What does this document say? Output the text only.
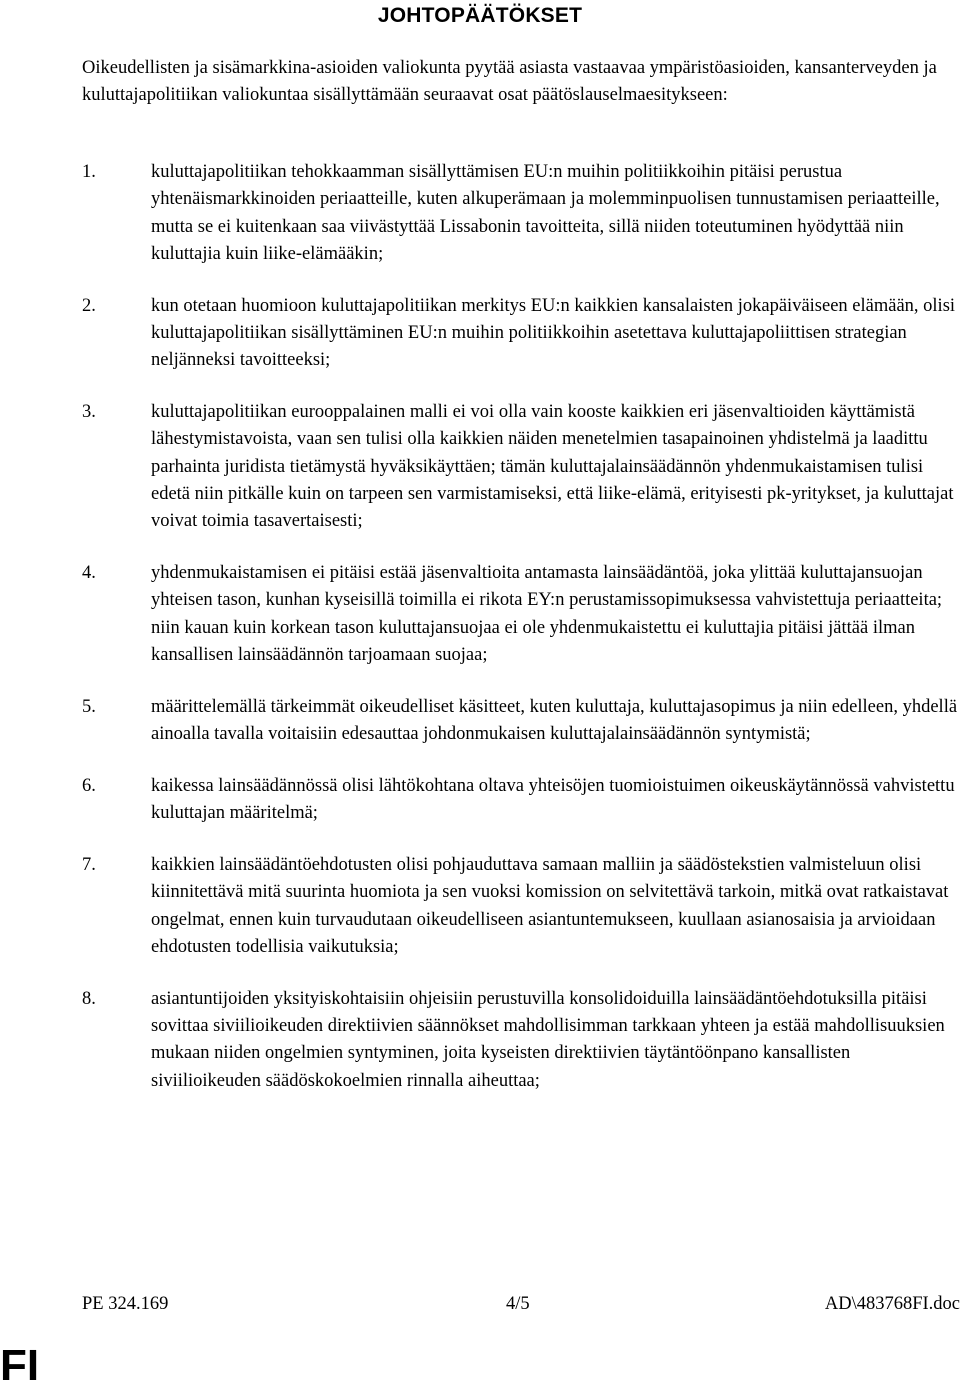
JOHTOPÄÄTÖKSET
Oikeudellisten ja sisämarkkina-asioiden valiokunta pyytää asiasta vastaavaa ympäristöasioiden, kansanterveyden ja kuluttajapolitiikan valiokuntaa sisällyttämään seuraavat osat päätöslauselmaesitykseen:
1.	kuluttajapolitiikan tehokkaamman sisällyttämisen EU:n muihin politiikkoihin pitäisi perustua yhtenäismarkkinoiden periaatteille, kuten alkuperämaan ja molemminpuolisen tunnustamisen periaatteille, mutta se ei kuitenkaan saa viivästyttää Lissabonin tavoitteita, sillä niiden toteutuminen hyödyttää niin kuluttajia kuin liike-elämääkin;
2.	kun otetaan huomioon kuluttajapolitiikan merkitys EU:n kaikkien kansalaisten jokapäiväiseen elämään, olisi kuluttajapolitiikan sisällyttäminen EU:n muihin politiikkoihin asetettava kuluttajapoliittisen strategian neljänneksi tavoitteeksi;
3.	kuluttajapolitiikan eurooppalainen malli ei voi olla vain kooste kaikkien eri jäsenvaltioiden käyttämistä lähestymistavoista, vaan sen tulisi olla kaikkien näiden menetelmien tasapainoinen yhdistelmä ja laadittu parhainta juridista tietämystä hyväksikäyttäen; tämän kuluttajalainsäädännön yhdenmukaistamisen tulisi edetä niin pitkälle kuin on tarpeen sen varmistamiseksi, että liike-elämä, erityisesti pk-yritykset, ja kuluttajat voivat toimia tasavertaisesti;
4.	yhdenmukaistamisen ei pitäisi estää jäsenvaltioita antamasta lainsäädäntöä, joka ylittää kuluttajansuojan yhteisen tason, kunhan kyseisillä toimilla ei rikota EY:n perustamissopimuksessa vahvistettuja periaatteita; niin kauan kuin korkean tason kuluttajansuojaa ei ole yhdenmukaistettu ei kuluttajia pitäisi jättää ilman kansallisen lainsäädännön tarjoamaan suojaa;
5.	määrittelemällä tärkeimmät oikeudelliset käsitteet, kuten kuluttaja, kuluttajasopimus ja niin edelleen, yhdellä ainoalla tavalla voitaisiin edesauttaa johdonmukaisen kuluttajalainsäädännön syntymistä;
6.	kaikessa lainsäädännössä olisi lähtökohtana oltava yhteisöjen tuomioistuimen oikeuskäytännössä vahvistettu kuluttajan määritelmä;
7.	kaikkien lainsäädäntöehdotusten olisi pohjauduttava samaan malliin ja säädöstekstien valmisteluun olisi kiinnitettävä mitä suurinta huomiota ja sen vuoksi komission on selvitettävä tarkoin, mitkä ovat ratkaistavat ongelmat, ennen kuin turvaudutaan oikeudelliseen asiantuntemukseen, kuullaan asianosaisia ja arvioidaan ehdotusten todellisia vaikutuksia;
8.	asiantuntijoiden yksityiskohtaisiin ohjeisiin perustuvilla konsolidoiduilla lainsäädäntöehdotuksilla pitäisi sovittaa siviilioikeuden direktiivien säännökset mahdollisimman tarkkaan yhteen ja estää mahdollisuuksien mukaan niiden ongelmien syntyminen, joita kyseisten direktiivien täytäntöönpano kansallisten siviilioikeuden säädöskokoelmien rinnalla aiheuttaa;
PE 324.169	4/5	AD\483768FI.doc
FI
